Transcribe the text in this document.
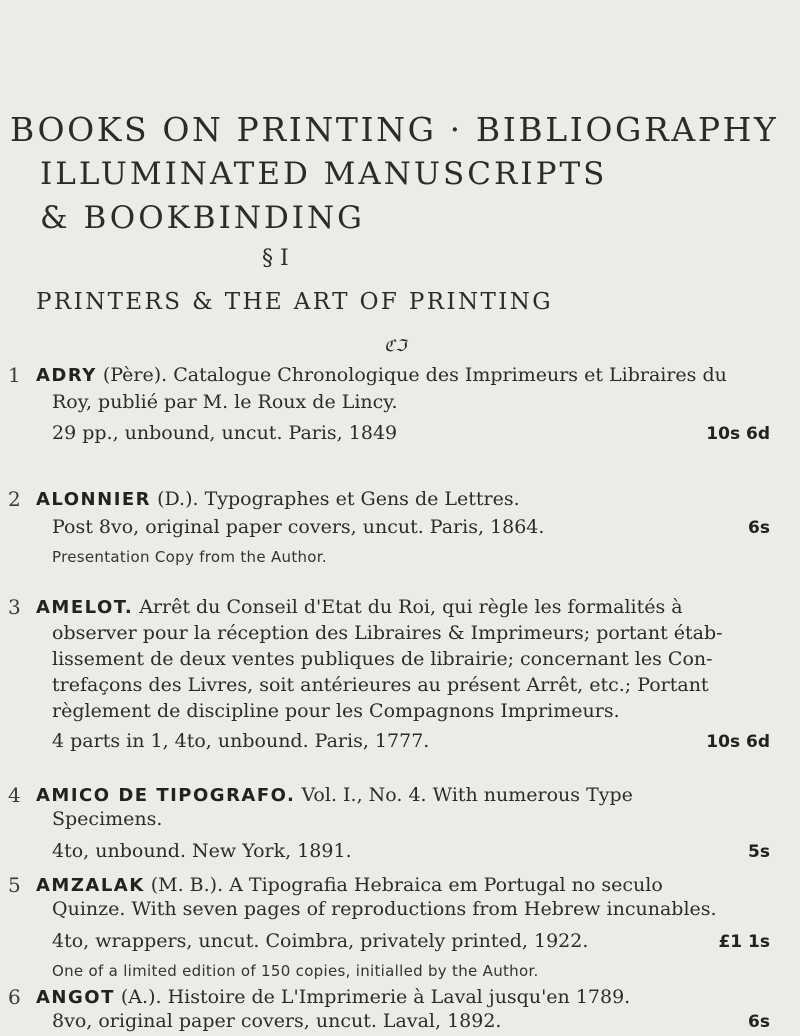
BOOKS ON PRINTING · BIBLIOGRAPHY
ILLUMINATED MANUSCRIPTS
& BOOKBINDING
§ I
PRINTERS & THE ART OF PRINTING
ℭℑ
1 ADRY (Père). Catalogue Chronologique des Imprimeurs et Libraires du
Roy, publié par M. le Roux de Lincy.
29 pp., unbound, uncut. Paris, 1849	10s 6d
2 ALONNIER (D.). Typographes et Gens de Lettres.
Post 8vo, original paper covers, uncut. Paris, 1864.	6s
Presentation Copy from the Author.
3 AMELOT. Arrêt du Conseil d'Etat du Roi, qui règle les formalités à
observer pour la réception des Libraires & Imprimeurs; portant étab-
lissement de deux ventes publiques de librairie; concernant les Con-
trefaçons des Livres, soit antérieures au présent Arrêt, etc.; Portant
règlement de discipline pour les Compagnons Imprimeurs.
4 parts in 1, 4to, unbound. Paris, 1777.	10s 6d
4 AMICO DE TIPOGRAFO. Vol. I., No. 4. With numerous Type
Specimens.
4to, unbound. New York, 1891.	5s
5 AMZALAK (M. B.). A Tipografia Hebraica em Portugal no seculo
Quinze. With seven pages of reproductions from Hebrew incunables.
4to, wrappers, uncut. Coimbra, privately printed, 1922.	£1 1s
One of a limited edition of 150 copies, initialled by the Author.
6 ANGOT (A.). Histoire de L'Imprimerie à Laval jusqu'en 1789.
8vo, original paper covers, uncut. Laval, 1892.	6s
